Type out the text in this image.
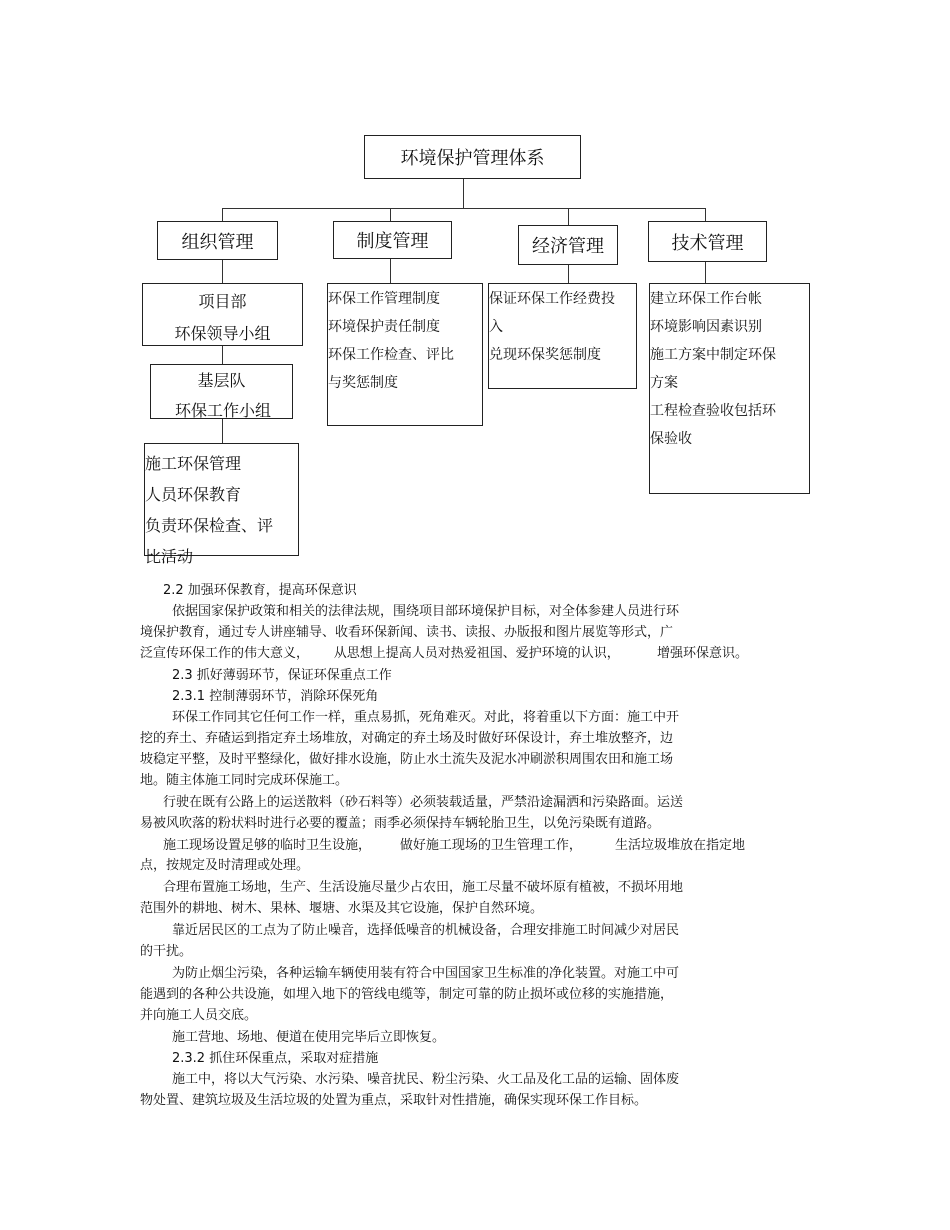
环境保护管理体系
组织管理	制度管理	经济管理	技术管理
项目部
环保领导小组
基层队
环保工作小组
施工环保管理
人员环保教育
负责环保检查、评
比活动
环保工作管理制度
环境保护责任制度
环保工作检查、评比
与奖惩制度
保证环保工作经费投
入
兑现环保奖惩制度
建立环保工作台帐
环境影响因素识别
施工方案中制定环保
方案
工程检查验收包括环
保验收
2.2 加强环保教育，提高环保意识
依据国家保护政策和相关的法律法规，围绕项目部环境保护目标，对全体参建人员进行环
境保护教育，通过专人讲座辅导、收看环保新闻、读书、读报、办版报和图片展览等形式，广
泛宣传环保工作的伟大意义，      从思想上提高人员对热爱祖国、爱护环境的认识，         增强环保意识。
2.3 抓好薄弱环节，保证环保重点工作
2.3.1 控制薄弱环节，消除环保死角
环保工作同其它任何工作一样，重点易抓，死角难灭。对此，将着重以下方面：施工中开
挖的弃土、弃碴运到指定弃土场堆放，对确定的弃土场及时做好环保设计，弃土堆放整齐，边
坡稳定平整，及时平整绿化，做好排水设施，防止水土流失及泥水冲刷淤积周围农田和施工场
地。随主体施工同时完成环保施工。
行驶在既有公路上的运送散料（砂石料等）必须装载适量，严禁沿途漏洒和污染路面。运送
易被风吹落的粉状料时进行必要的覆盖；雨季必须保持车辆轮胎卫生，以免污染既有道路。
施工现场设置足够的临时卫生设施，       做好施工现场的卫生管理工作，        生活垃圾堆放在指定地
点，按规定及时清理或处理。
合理布置施工场地，生产、生活设施尽量少占农田，施工尽量不破坏原有植被，不损坏用地
范围外的耕地、树木、果林、堰塘、水渠及其它设施，保护自然环境。
靠近居民区的工点为了防止噪音，选择低噪音的机械设备，合理安排施工时间减少对居民
的干扰。
为防止烟尘污染，各种运输车辆使用装有符合中国国家卫生标准的净化装置。对施工中可
能遇到的各种公共设施，如埋入地下的管线电缆等，制定可靠的防止损坏或位移的实施措施，
并向施工人员交底。
施工营地、场地、便道在使用完毕后立即恢复。
2.3.2 抓住环保重点，采取对症措施
施工中，将以大气污染、水污染、噪音扰民、粉尘污染、火工品及化工品的运输、固体废
物处置、建筑垃圾及生活垃圾的处置为重点，采取针对性措施，确保实现环保工作目标。
